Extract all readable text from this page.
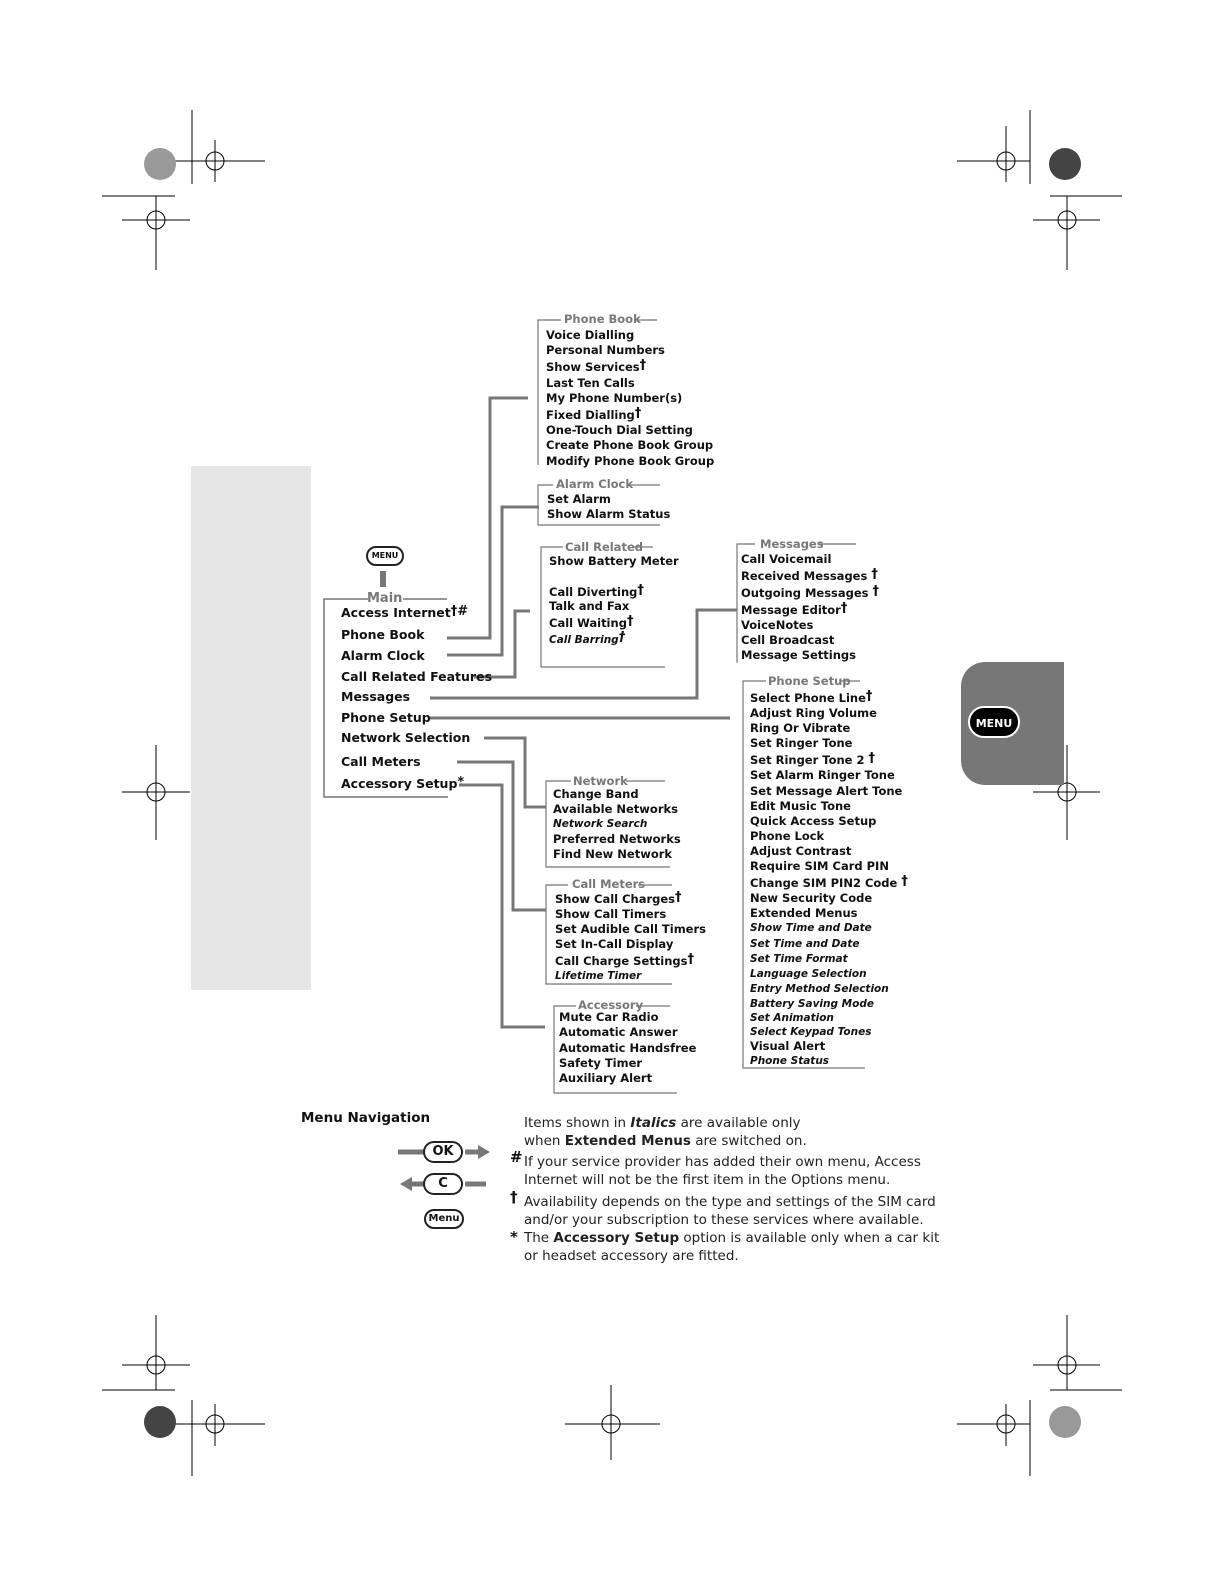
MENU
Main
Access Internet†#
Phone Book
Alarm Clock
Call Related Features
Messages
Phone Setup
Network Selection
Call Meters
Accessory Setup*
Phone Book
Voice Dialling
Personal Numbers
Show Services†
Last Ten Calls
My Phone Number(s)
Fixed Dialling†
One-Touch Dial Setting
Create Phone Book Group
Modify Phone Book Group
Alarm Clock
Set Alarm
Show Alarm Status
Call Related
Show Battery Meter
Call Diverting†
Talk and Fax
Call Waiting†
Call Barring†
Messages
Call Voicemail
Received Messages †
Outgoing Messages †
Message Editor†
VoiceNotes
Cell Broadcast
Message Settings
Phone Setup
Select Phone Line†
Adjust Ring Volume
Ring Or Vibrate
Set Ringer Tone
Set Ringer Tone 2 †
Set Alarm Ringer Tone
Set Message Alert Tone
Edit Music Tone
Quick Access Setup
Phone Lock
Adjust Contrast
Require SIM Card PIN
Change SIM PIN2 Code †
New Security Code
Extended Menus
Show Time and Date
Set Time and Date
Set Time Format
Language Selection
Entry Method Selection
Battery Saving Mode
Set Animation
Select Keypad Tones
Visual Alert
Phone Status
Network
Change Band
Available Networks
Network Search
Preferred Networks
Find New Network
Call Meters
Show Call Charges†
Show Call Timers
Set Audible Call Timers
Set In-Call Display
Call Charge Settings†
Lifetime Timer
Accessory
Mute Car Radio
Automatic Answer
Automatic Handsfree
Safety Timer
Auxiliary Alert
MENU
Menu Navigation
OK
C
Menu
Items shown in Italics are available only
when Extended Menus are switched on.
# If your service provider has added their own menu, Access
Internet will not be the first item in the Options menu.
† Availability depends on the type and settings of the SIM card
and/or your subscription to these services where available.
* The Accessory Setup option is available only when a car kit
or headset accessory are fitted.
